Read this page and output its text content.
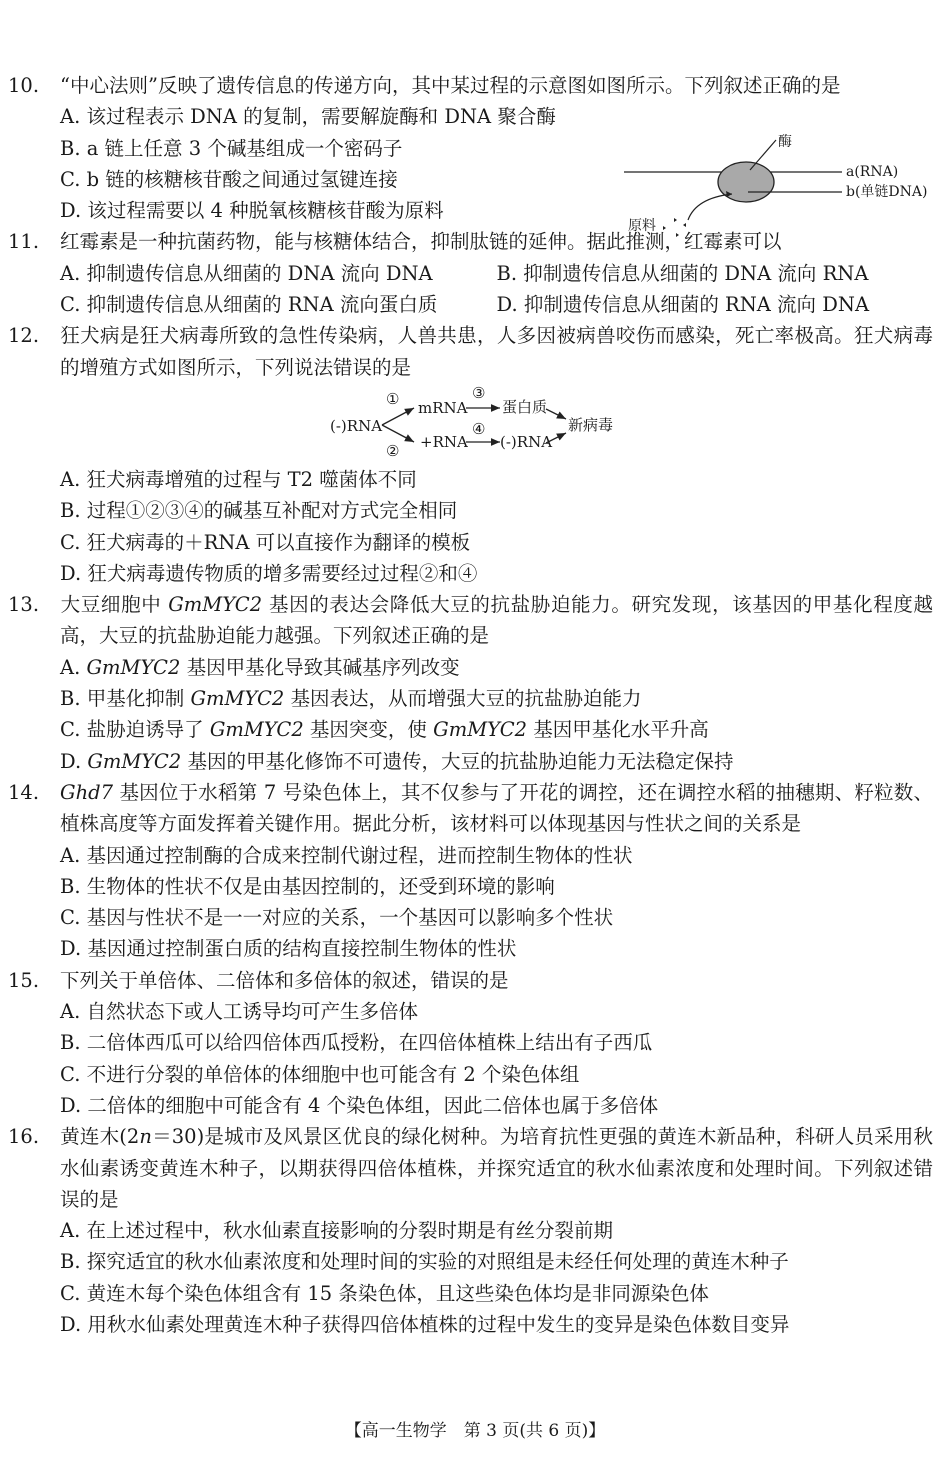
10. “中心法则”反映了遗传信息的传递方向，其中某过程的示意图如图所示。下列叙述正确的是
A. 该过程表示 DNA 的复制，需要解旋酶和 DNA 聚合酶
B. a 链上任意 3 个碱基组成一个密码子
C. b 链的核糖核苷酸之间通过氢键连接
D. 该过程需要以 4 种脱氧核糖核苷酸为原料
酶
a(RNA)
b(单链DNA)
原料
11. 红霉素是一种抗菌药物，能与核糖体结合，抑制肽链的延伸。据此推测，红霉素可以
A. 抑制遗传信息从细菌的 DNA 流向 DNA	B. 抑制遗传信息从细菌的 DNA 流向 RNA
C. 抑制遗传信息从细菌的 RNA 流向蛋白质	D. 抑制遗传信息从细菌的 RNA 流向 DNA
12. 狂犬病是狂犬病毒所致的急性传染病，人兽共患，人多因被病兽咬伤而感染，死亡率极高。狂犬病毒的增殖方式如图所示，下列说法错误的是
(-)RNA
① mRNA
③
蛋白质
② +RNA
④
(-)RNA
新病毒
A. 狂犬病毒增殖的过程与 T2 噬菌体不同
B. 过程①②③④的碱基互补配对方式完全相同
C. 狂犬病毒的＋RNA 可以直接作为翻译的模板
D. 狂犬病毒遗传物质的增多需要经过过程②和④
13. 大豆细胞中 GmMYC2 基因的表达会降低大豆的抗盐胁迫能力。研究发现，该基因的甲基化程度越高，大豆的抗盐胁迫能力越强。下列叙述正确的是
A. GmMYC2 基因甲基化导致其碱基序列改变
B. 甲基化抑制 GmMYC2 基因表达，从而增强大豆的抗盐胁迫能力
C. 盐胁迫诱导了 GmMYC2 基因突变，使 GmMYC2 基因甲基化水平升高
D. GmMYC2 基因的甲基化修饰不可遗传，大豆的抗盐胁迫能力无法稳定保持
14. Ghd7 基因位于水稻第 7 号染色体上，其不仅参与了开花的调控，还在调控水稻的抽穗期、籽粒数、植株高度等方面发挥着关键作用。据此分析，该材料可以体现基因与性状之间的关系是
A. 基因通过控制酶的合成来控制代谢过程，进而控制生物体的性状
B. 生物体的性状不仅是由基因控制的，还受到环境的影响
C. 基因与性状不是一一对应的关系，一个基因可以影响多个性状
D. 基因通过控制蛋白质的结构直接控制生物体的性状
15. 下列关于单倍体、二倍体和多倍体的叙述，错误的是
A. 自然状态下或人工诱导均可产生多倍体
B. 二倍体西瓜可以给四倍体西瓜授粉，在四倍体植株上结出有子西瓜
C. 不进行分裂的单倍体的体细胞中也可能含有 2 个染色体组
D. 二倍体的细胞中可能含有 4 个染色体组，因此二倍体也属于多倍体
16. 黄连木(2n＝30)是城市及风景区优良的绿化树种。为培育抗性更强的黄连木新品种，科研人员采用秋水仙素诱变黄连木种子，以期获得四倍体植株，并探究适宜的秋水仙素浓度和处理时间。下列叙述错误的是
A. 在上述过程中，秋水仙素直接影响的分裂时期是有丝分裂前期
B. 探究适宜的秋水仙素浓度和处理时间的实验的对照组是未经任何处理的黄连木种子
C. 黄连木每个染色体组含有 15 条染色体，且这些染色体均是非同源染色体
D. 用秋水仙素处理黄连木种子获得四倍体植株的过程中发生的变异是染色体数目变异
【高一生物学　第 3 页(共 6 页)】
